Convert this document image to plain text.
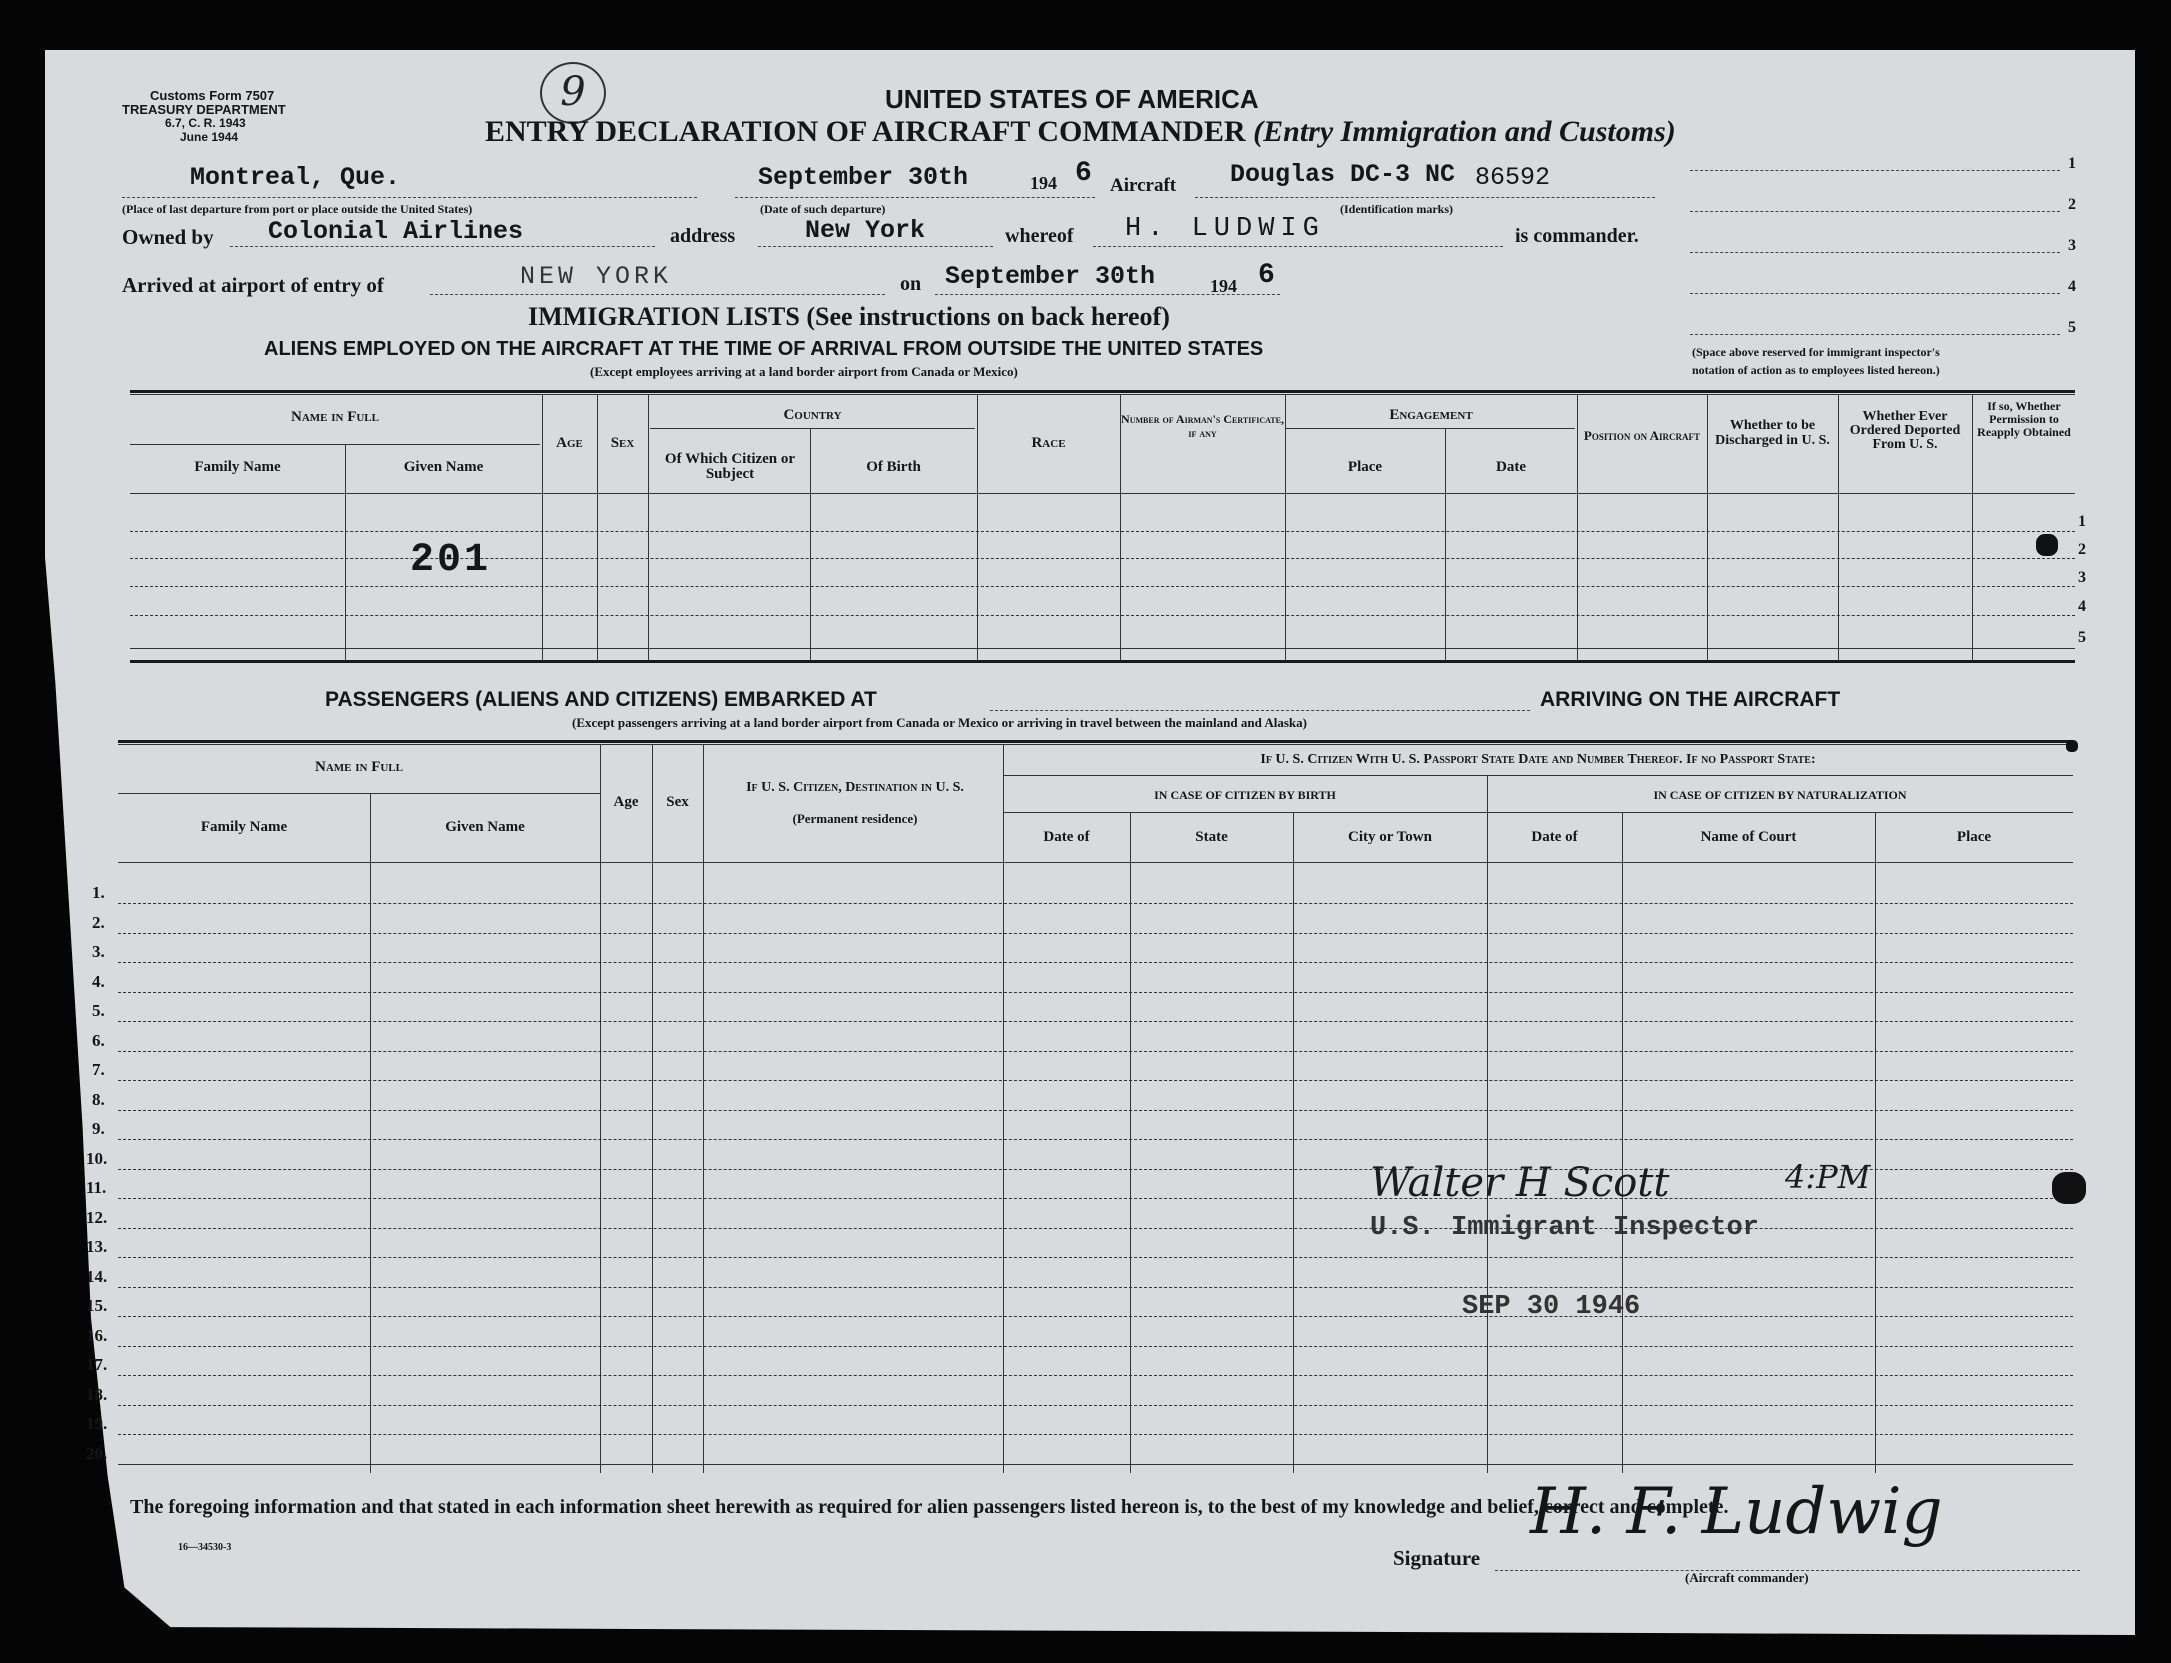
Customs Form 7507
TREASURY DEPARTMENT
6.7, C. R. 1943
June 1944
9	UNITED STATES OF AMERICA
ENTRY DECLARATION OF AIRCRAFT COMMANDER (Entry Immigration and Customs)
Montreal, Que.
(Place of last departure from port or place outside the United States)
September 30th	194 6
(Date of such departure)
Aircraft Douglas DC-3 NC 86592
(Identification marks)
Owned by Colonial Airlines	address	New York	whereof H. LUDWIG	is commander.
Arrived at airport of entry of	NEW YORK	on September 30th	194 6
1
2
3
4
5
(Space above reserved for immigrant inspector's
notation of action as to employees listed hereon.)
IMMIGRATION LISTS (See instructions on back hereof)
ALIENS EMPLOYED ON THE AIRCRAFT AT THE TIME OF ARRIVAL FROM OUTSIDE THE UNITED STATES
(Except employees arriving at a land border airport from Canada or Mexico)
Name in Full
Family Name	Given Name
Age	Sex
Country
Of Which Citizen or Subject	Of Birth
Race
Number of Airman's Certificate, if any
Engagement
Place	Date
Position on Aircraft
Whether to be Discharged in U. S.
Whether Ever Ordered Deported From U. S.
If so, Whether Permission to Reapply Obtained
201
1
2
3
4
5
PASSENGERS (ALIENS AND CITIZENS) EMBARKED AT	ARRIVING ON THE AIRCRAFT
(Except passengers arriving at a land border airport from Canada or Mexico or arriving in travel between the mainland and Alaska)
1.
2.
3.
4.
5.
6.
7.
8.
9.
10.
11.
12.
13.
14.
15.
16.
17.
18.
19.
20.
Name in Full
Family Name	Given Name
Age	Sex
If U. S. Citizen, Destination in U. S.
(Permanent residence)
If U. S. Citizen With U. S. Passport State Date and Number Thereof. If no Passport State:
IN CASE OF CITIZEN BY BIRTH	IN CASE OF CITIZEN BY NATURALIZATION
Date of	State	City or Town	Date of	Name of Court	Place
Walter H Scott	4:PM
U.S. Immigrant Inspector
SEP 30 1946
The foregoing information and that stated in each information sheet herewith as required for alien passengers listed hereon is, to the best of my knowledge and belief, correct and complete.
16—34530-3	Signature
H. F. Ludwig
(Aircraft commander)
